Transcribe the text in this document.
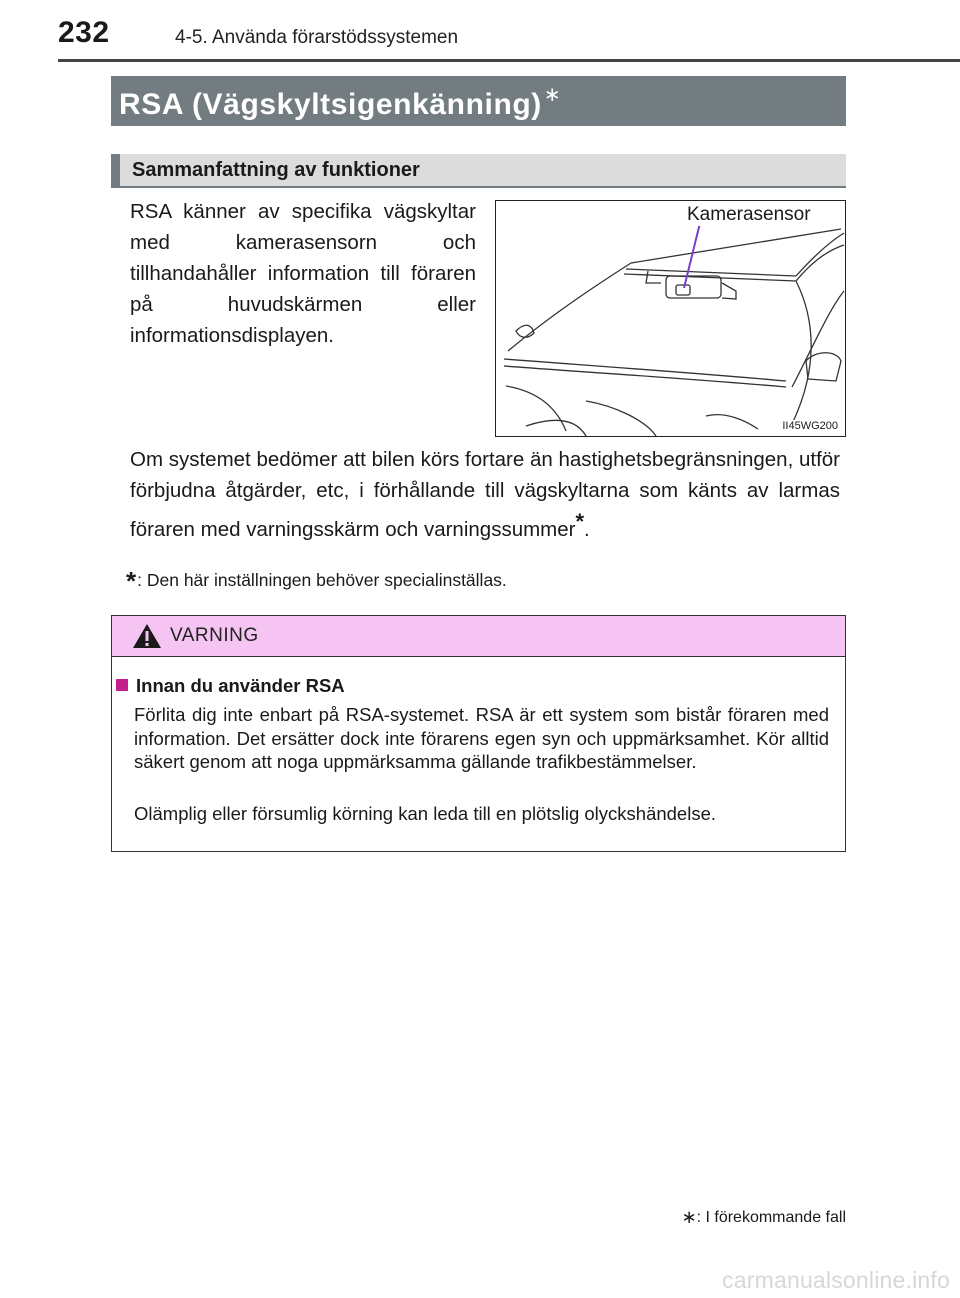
232	4-5. Använda förarstödssystemen
RSA (Vägskyltsigenkänning) ∗
Sammanfattning av funktioner
RSA känner av specifika vägskyltar med kamerasensorn och tillhandahåller information till föraren på huvudskärmen eller informationsdisplayen.
Kamerasensor
II45WG200
Om systemet bedömer att bilen körs fortare än hastighetsbegränsningen, utför förbjudna åtgärder, etc, i förhållande till vägskyltarna som känts av larmas föraren med varningsskärm och varningssummer*.
*: Den här inställningen behöver specialinställas.
VARNING
Innan du använder RSA
Förlita dig inte enbart på RSA-systemet. RSA är ett system som bistår föraren med information. Det ersätter dock inte förarens egen syn och uppmärksamhet. Kör alltid säkert genom att noga uppmärksamma gällande trafikbestämmelser.
Olämplig eller försumlig körning kan leda till en plötslig olyckshändelse.
∗: I förekommande fall
carmanualsonline.info
